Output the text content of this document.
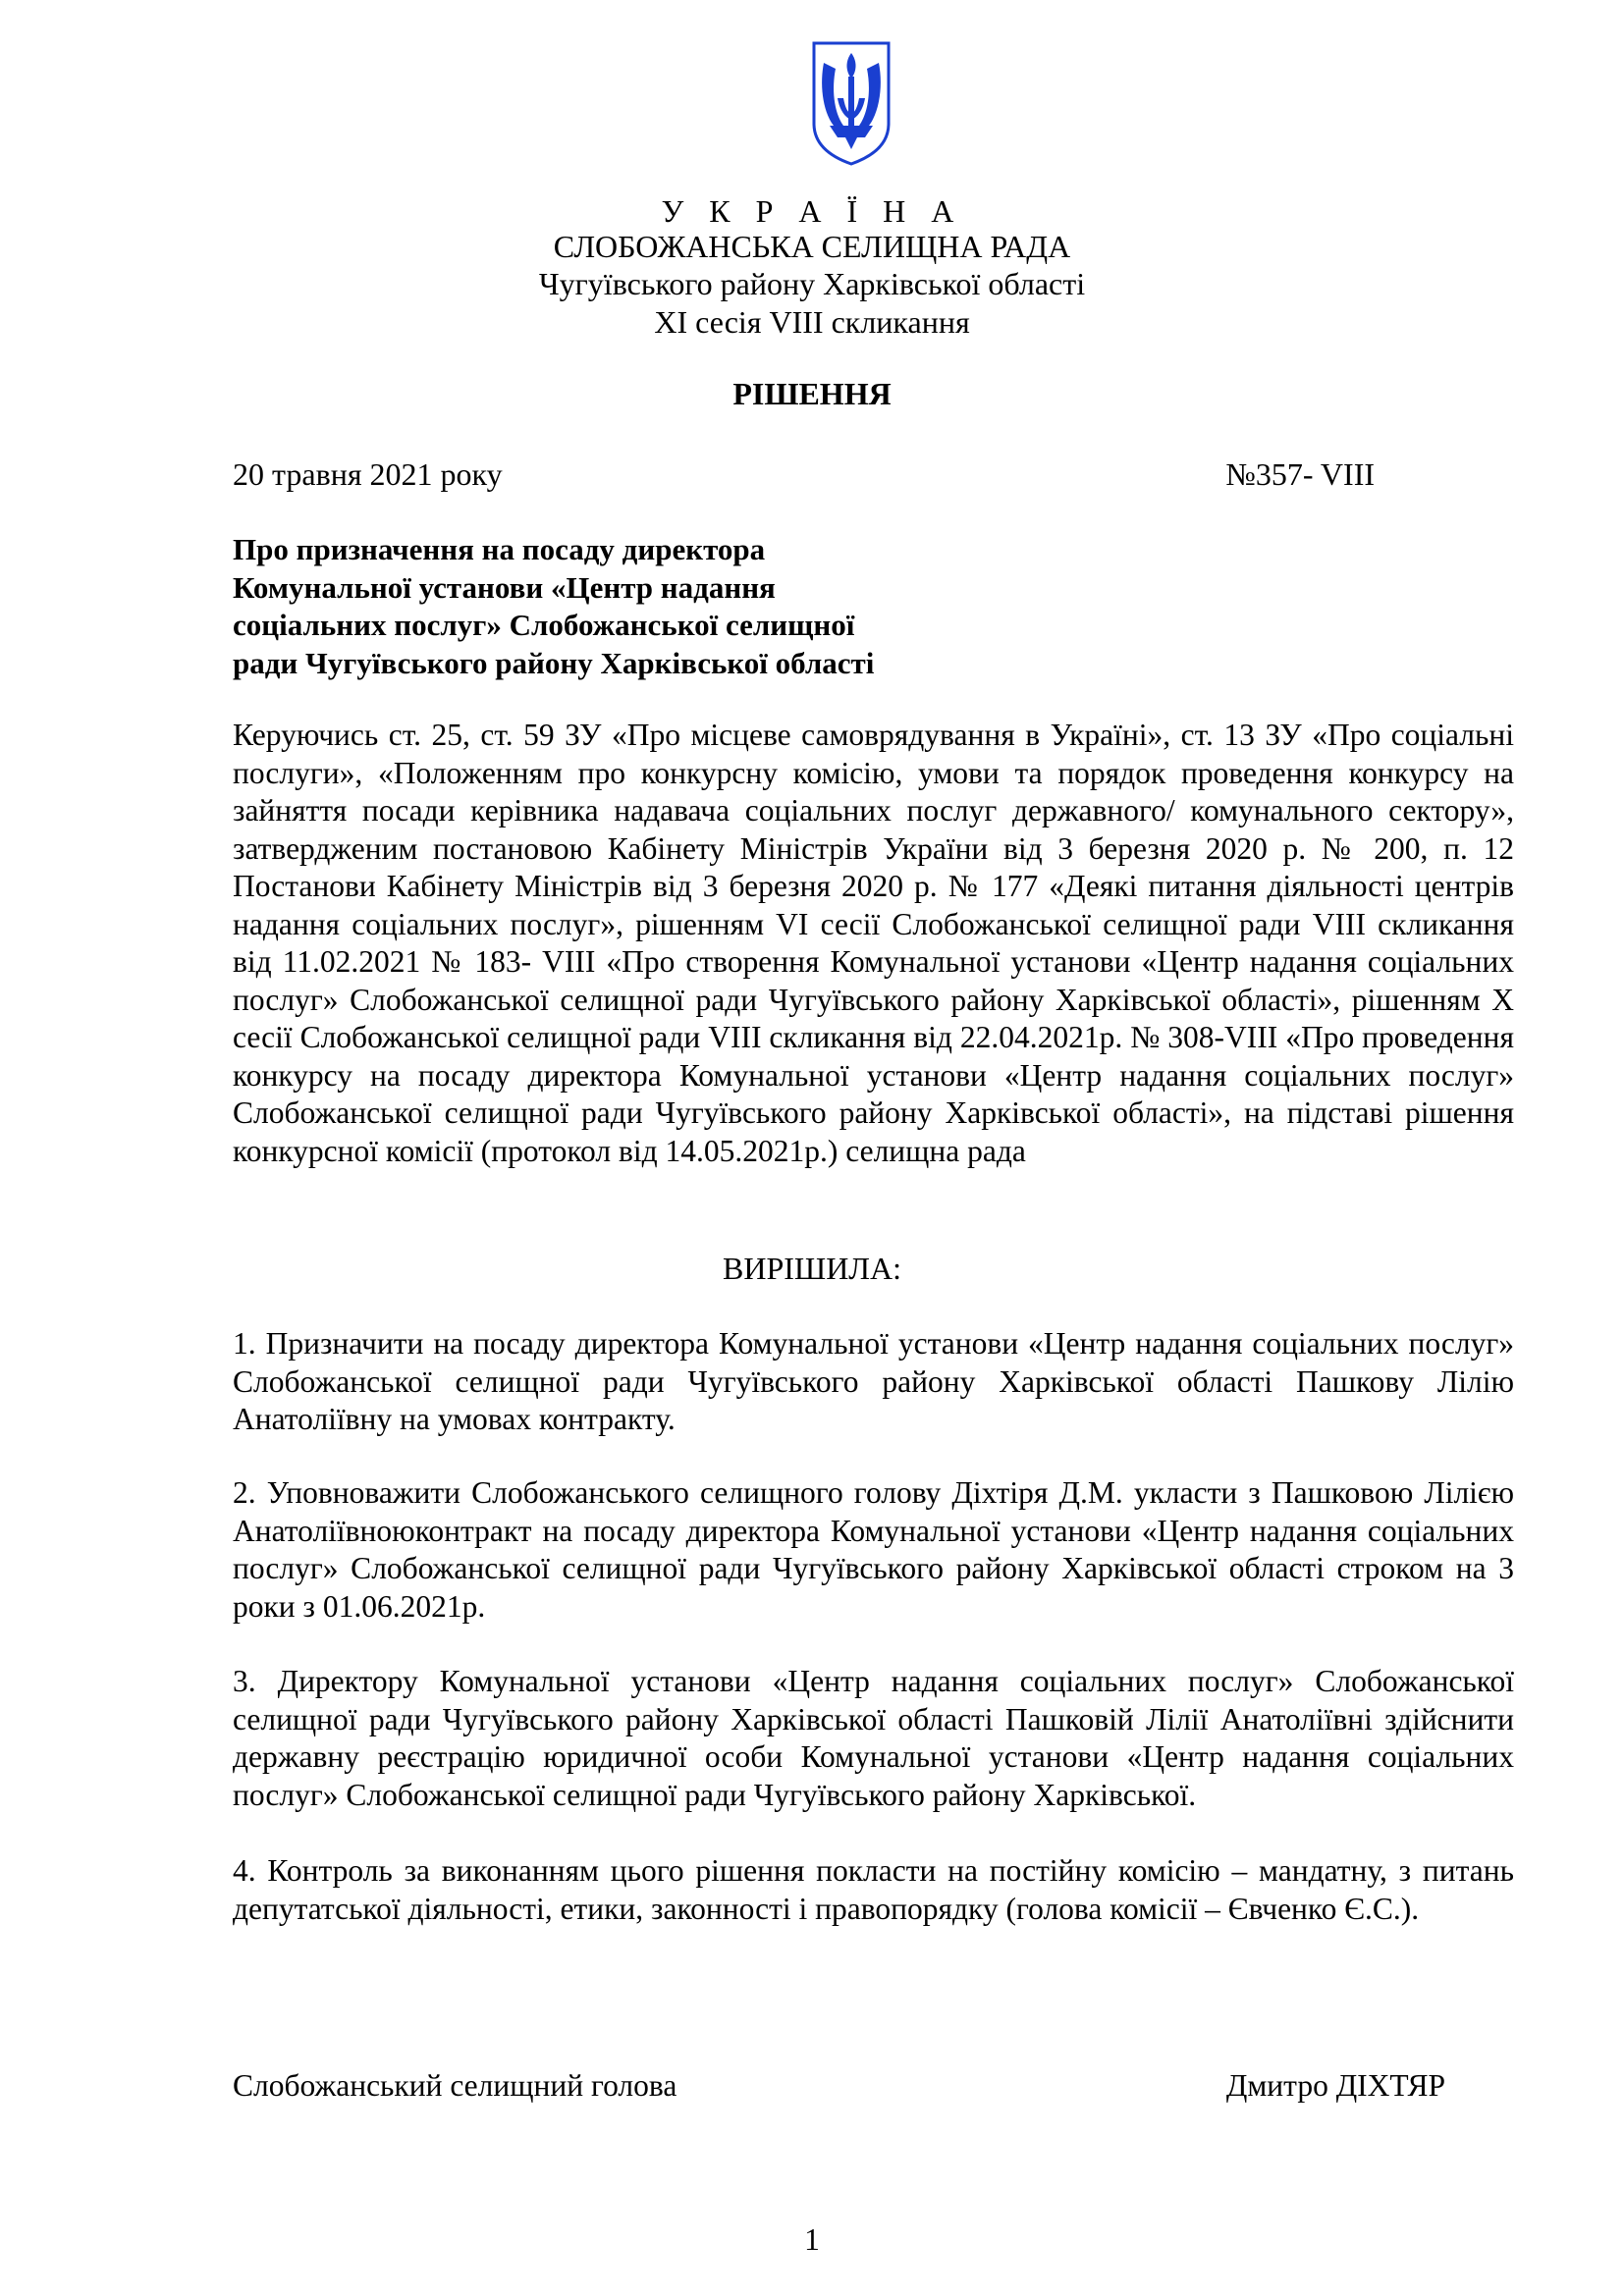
У К Р А Ї Н А
СЛОБОЖАНСЬКА СЕЛИЩНА РАДА
Чугуївського району Харківської області
XI сесія VIII скликання
РІШЕННЯ
20 травня 2021 року	№357- VIII
Про призначення на посаду директора
Комунальної установи «Центр надання
соціальних послуг» Слобожанської селищної
ради Чугуївського району Харківської області
Керуючись ст. 25, ст. 59 ЗУ «Про місцеве самоврядування в Україні», ст. 13 ЗУ «Про соціальні послуги», «Положенням про конкурсну комісію, умови та порядок проведення конкурсу на зайняття посади керівника надавача соціальних послуг державного/ комунального сектору», затвердженим постановою Кабінету Міністрів України від 3 березня 2020 р. № 200, п. 12 Постанови Кабінету Міністрів від 3 березня 2020 р. № 177 «Деякі питання діяльності центрів надання соціальних послуг», рішенням VI сесії Слобожанської селищної ради VIII скликання від 11.02.2021 № 183- VIII «Про створення Комунальної установи «Центр надання соціальних послуг» Слобожанської селищної ради Чугуївського району Харківської області», рішенням X сесії Слобожанської селищної ради VIII скликання від 22.04.2021р. № 308-VIII «Про проведення конкурсу на посаду директора Комунальної установи «Центр надання соціальних послуг» Слобожанської селищної ради Чугуївського району Харківської області», на підставі рішення конкурсної комісії (протокол від 14.05.2021р.) селищна рада
ВИРІШИЛА:
1. Призначити на посаду директора Комунальної установи «Центр надання соціальних послуг» Слобожанської селищної ради Чугуївського району Харківської області Пашкову Лілію Анатоліївну на умовах контракту.
2. Уповноважити Слобожанського селищного голову Діхтіря Д.М. укласти з Пашковою Лілією Анатоліївноюконтракт на посаду директора Комунальної установи «Центр надання соціальних послуг» Слобожанської селищної ради Чугуївського району Харківської області строком на 3 роки з 01.06.2021р.
3. Директору Комунальної установи «Центр надання соціальних послуг» Слобожанської селищної ради Чугуївського району Харківської області Пашковій Лілії Анатоліївні здійснити державну реєстрацію юридичної особи Комунальної установи «Центр надання соціальних послуг» Слобожанської селищної ради Чугуївського району Харківської.
4. Контроль за виконанням цього рішення покласти на постійну комісію – мандатну, з питань депутатської діяльності, етики, законності і правопорядку (голова комісії – Євченко Є.С.).
Слобожанський селищний голова	Дмитро ДІХТЯР
1
